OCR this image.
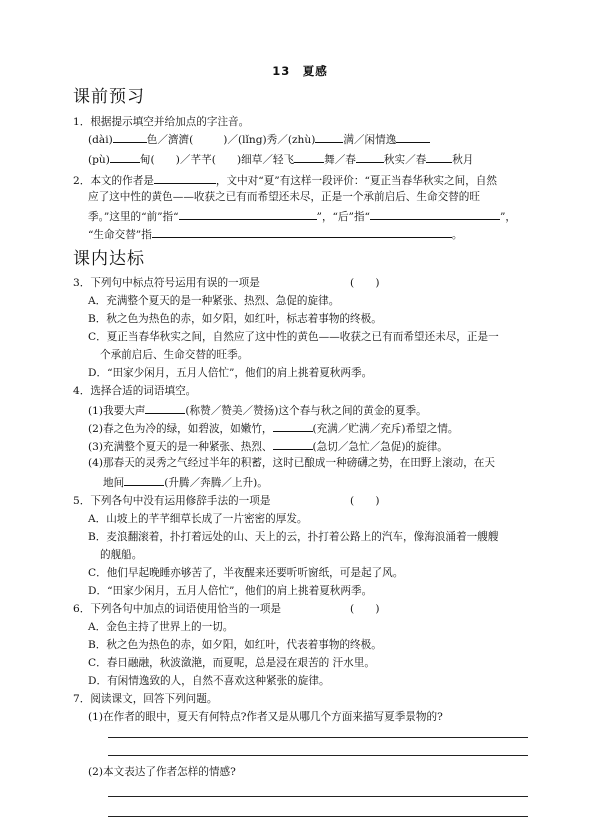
13　夏感
课前预习
1．根据提示填空并给加点的字注音。
(dài)	色／濟濟(	)／(lǐng)秀／(zhù)	满／闲情逸
(pù)	甸(　　)／芊芊(　　)细草／轻飞	舞／春	秋实／春 秋月
2．本文的作者是	，文中对“夏”有这样一段评价：“夏正当春华秋实之间，自然
应了这中性的黄色——收获之已有而希望还未尽，正是一个承前启后、生命交替的旺
季。”这里的“前”指“	”，“后”指“	”，
“生命交替”指	。
课内达标
3．下列句中标点符号运用有误的一项是	(　　)
A．充满整个夏天的是一种紧张、热烈、急促的旋律。
B．秋之色为热色的赤，如夕阳，如红叶，标志着事物的终极。
C．夏正当春华秋实之间，自然应了这中性的黄色——收获之已有而希望还未尽，正是一
个承前启后、生命交替的旺季。
D．“田家少闲月，五月人倍忙”，他们的肩上挑着夏秋两季。
4．选择合适的词语填空。
(1)我要大声	(称赞／赞美／赞扬)这个春与秋之间的黄金的夏季。
(2)春之色为冷的绿，如碧波，如嫩竹，	(充满／贮满／充斥)希望之情。
(3)充满整个夏天的是一种紧张、热烈、	(急切／急忙／急促)的旋律。
(4)那春天的灵秀之气经过半年的积蓄，这时已酿成一种磅礴之势，在田野上滚动，在天
地间	(升腾／奔腾／上升)。
5．下列各句中没有运用修辞手法的一项是	(　　)
A．山坡上的芊芊细草长成了一片密密的厚发。
B．麦浪翻滚着，扑打着远处的山、天上的云，扑打着公路上的汽车，像海浪涌着一艘艘
的舰船。
C．他们早起晚睡亦够苦了，半夜醒来还要听听窗纸，可是起了风。
D．“田家少闲月，五月人倍忙”，他们的肩上挑着夏秋两季。
6．下列各句中加点的词语使用恰当的一项是	(　　)
A．金色主持了世界上的一切。
B．秋之色为热色的赤，如夕阳，如红叶，代表着事物的终极。
C．春日融融，秋波潋滟，而夏呢，总是浸在艰苦的 汗水里。
D．有闲情逸致的人，自然不喜欢这种紧张的旋律。
7．阅读课文，回答下列问题。
(1)在作者的眼中，夏天有何特点?作者又是从哪几个方面来描写夏季景物的?
(2)本文表达了作者怎样的情感?
